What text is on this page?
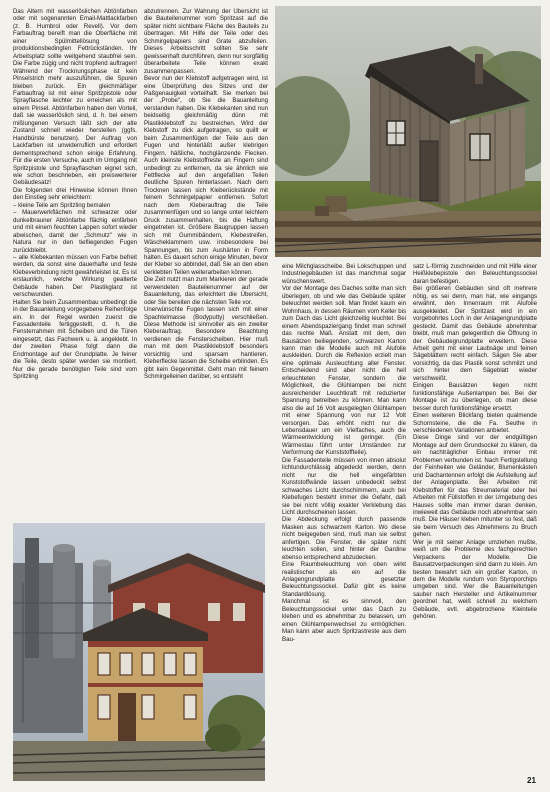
Das Altern mit wasserlöslichen Abtönfarben oder mit sogenannten Email-Mattlackfarben (z. B. Humbrol oder Revell). Vor dem Farbauftrag bereift man die Oberfläche mit einer Spülmittellösung von produktionsbedingten Fettrückständen. Ihr Arbeitsplatz sollte weitgehend staubfrei sein. Die Farbe zügig und nicht tropfend auftragen! Während der Trocknungsphase ist kein Pinselstrich mehr auszuführen, die Spuren bleiben zurück. Ein gleichmäßiger Farbauftrag ist mit einer Spritzpistole oder Sprayflasche leichter zu erreichen als mit einem Pinsel. Abtönfarben haben den Vorteil, daß sie wasserlöslich sind, d. h. bei einem mißlungenen Versuch läßt sich der alte Zustand schnell wieder herstellen (ggfs. Handbürste benutzen). Der Auftrag von Lackfarben ist unwiderruflich und erfordert dementsprechend schon einige Erfahrung. Für die ersten Versuche, auch im Umgang mit Spritzpistole und Sprayflaschen eignet sich, wie schon beschrieben, ein preiswerterer Gebäudesatz!

Die folgenden drei Hinweise können Ihnen den Einstieg sehr erleichtern:

– kleine Teile am Spritzling bemalen

– Mauerwerkflächen mit schwarzer oder dunkelbrauner Abtönfarbe flächig einfärben und mit einem feuchten Lappen sofort wieder abwischen, damit der „Schmutz" wie in Natura nur in den tiefliegenden Fugen zurückbleibt.

– alle Klebekanten müssen von Farbe befreit werden, da sonst eine dauerhafte und feste Klebeverbindung nicht gewährleistet ist. Es ist erstaunlich, welche Wirkung gealterte Gebäude haben. Der Plastikglanz ist verschwunden.

Halten Sie beim Zusammenbau unbedingt die in der Bauanleitung vorgegebene Reihenfolge ein. In der Regel werden zuerst die Fassadenteile fertiggestellt, d. h. die Fensterrahmen mit Scheiben und die Türen eingesetzt, das Fachwerk u. ä. angeklebt. In der zweiten Phase folgt dann die Endmontage auf der Grundplatte. Je feiner die Teile, desto später werden sie montiert. Nur die gerade benötigten Teile sind vom Spritzling

abzutrennen. Zur Wahrung der Übersicht ist die Bauteilenummer vom Spritzast auf die später nicht sichtbare Fläche des Bauteils zu übertragen. Mit Hilfe der Teile oder des Schmirgelpapiers sind Grate abzufeilen. Dieses Arbeitsschritt sollten Sie sehr gewissenhaft durchführen, denn nur sorgfältig überarbeitete Teile können exakt zusammenpassen.

Bevor nun der Klebstoff aufgetragen wird, ist eine Überprüfung des Sitzes und der Paßgenauigkeit vorteilhaft. Sie merken bei der „Probe", ob Sie die Bauanleitung verstanden haben. Die Klebekanten sind nun beidseitig gleichmäßig dünn mit Plastikklebstoff zu bestreichen. Wird der Klebstoff zu dick aufgetragen, so quillt er beim Zusammenfügen der Teile aus den Fugen und hinterläßt außer klebrigen Fingern, häßliche, hochglänzende Flecken. Auch kleinste Klebstoffreste an Fingern sind unbedingt zu entfernen, da sie ähnlich wie Fettflecke auf den angefaßten Teilen deutliche Spuren hinterlassen. Nach dem Trocknen lassen sich Kleberückstände mit feinem Schmirgelpapier entfernen. Sofort nach dem Kleberauftrag die Teile zusammenfügen und so lange unter leichtem Druck zusammenhalten, bis die Haftung eingetreten ist. Größere Baugruppen lassen sich mit Gummibändern, Klebestreifen, Wäscheklammern usw. insbesondere bei Spannungen, bis zum Aushärten in Form halten. Es dauert schon einige Minuten, bevor der Kleber so abbindet, daß Sie an den eben verklebten Teilen weiterarbeiten können.

Die Zeit nutzt man zum Markieren der gerade verwendeten Bauteilenummer auf der Bauanleitung, das erleichtert die Übersicht, oder Sie bereiten die nächsten Teile vor.

Unerwünschte Fugen lassen sich mit einer Spachtelmasse (Bodyputty) verschließen. Diese Methode ist sinnvoller als ein zweiter Kleberauftrag. Besondere Beachtung verdienen die Fensterscheiben. Hier muß man mit dem Plastikklebstoff besonders vorsichtig und sparsam hantieren. Kleberflecke lassen die Scheibe erblinden. Es gibt kein Gegenmittel. Geht man mit feinem Schmirgelleinen darüber, so entsteht

eine Milchglasscheibe. Bei Lokschuppen und Industriegebäuden ist das manchmal sogar wünschenswert.

Vor der Montage des Daches sollte man sich überlegen, ob und wie das Gebäude später beleuchtet werden soll. Man findet kaum ein Wohnhaus, in dessen Räumen vom Keller bis zum Dach das Licht gleichzeitig leuchtet. Bei einem Abendspaziergang findet man schnell das rechte Maß. Anstatt mit dem, den Bausätzen beiliegenden, schwarzen Karton kann man die Modelle auch mit Alufolie auskleiden. Durch die Reflexion erzielt man eine optimale Ausleuchtung aller Fenster. Entscheidend sind aber nicht die hell erleuchteten Fenster, sondern die Möglichkeit, die Glühlampen bei nicht ausreichender Leuchtkraft mit reduzierter Spannung betreiben zu können. Man kann also die auf 16 Volt ausgelegten Glühlampen mit einer Spannung von nur 12 Volt versorgen. Das erhöht nicht nur die Lebensdauer um ein Vielfaches, auch die Wärmeentwicklung ist geringer. (Ein Wärmestau führt unter Umständen zur Verformung der Kunststoffteile).

Die Fassadenteile müssen von innen absolut lichtundurchlässig abgedeckt werden, denn nicht nur die hell eingefärbten Kunststoffwände lassen unbedeckt selbst schwaches Licht durchschimmern, auch bei Klebefugen besteht immer die Gefahr, daß sie bei nicht völlig exakter Verklebung das Licht durchscheinen lassen.

Die Abdeckung erfolgt durch passende Masken aus schwarzem Karton. Wo diese nicht beigegeben sind, muß man sie selbst anfertigen. Die Fenster, die später nicht leuchten sollen, sind hinter der Gardine ebenso entsprechend abzudecken.

Eine Raumbeleuchtung von oben wirkt realistischer als ein auf die Anlagengrundplatte gesetzter Beleuchtungssockel. Dafür gibt es keine Standardlösung.

Manchmal ist es sinnvoll, den Beleuchtungssockel unter das Dach zu kleben und es abnehmbar zu belassen, um einen Glühlampenwechsel zu ermöglichen. Man kann aber auch Spritzastreste aus dem Bau-

satz L-förmig zuschneiden und mit Hilfe einer Heißklebepistole den Beleuchtungssockel daran befestigen.

Bei größeren Gebäuden sind oft mehrere nötig, es sei denn, man hat, wie eingangs erwähnt, den Innenraum mit Alufolie ausgekleidet. Der Spritzast wird in ein vorgebohrtes Loch in der Anlagengrundplatte gesteckt. Damit das Gebäude abnehmbar bleibt, muß man gelegentlich die Öffnung in der Gebäudegrundplatte erweitern. Diese Arbeit geht mit einer Laubsäge und feinen Sägeblättern recht einfach. Sägen Sie aber vorsichtig, da das Plastik sonst schmilzt und sich hinter dem Sägeblatt wieder verschweißt.

Einigen Bausätzen liegen nicht funktionsfähige Außenlampen bei. Bei der Montage ist zu überlegen, ob man diese besser durch funktionsfähige ersetzt.

Einen weiteren Blickfang bieten qualmende Schornsteine, die die Fa. Seuthe in verschiedenen Variationen anbietet.

Diese Dinge sind vor der endgültigen Montage auf dem Grundsockel zu klären, da ein nachträglicher Einbau immer mit Problemen verbunden ist. Nach Fertigstellung der Feinheiten wie Geländer, Blumenkästen und Dachantennen erfolgt die Aufstellung auf der Anlagenplatte. Bei Arbeiten mit Klebstoffen für das Streumaterial oder bei Arbeiten mit Füllstoffen in der Umgebung des Hauses sollte man immer daran denken, inwieweit das Gebäude noch abnehmbar sein muß. Die Häuser kleben mitunter so fest, daß sie beim Versuch des Abnehmens zu Bruch gehen.

Wer je mit seiner Anlage umziehen mußte, weiß um die Probleme des fachgerechten Verpackens der Modelle. Die Bausatzverpackungen sind dann zu klein. Am besten bewahrt sich ein großer Karton, in dem die Modelle rundum von Styroporchips umgeben sind. Wer die Bauanleitungen sauber nach Hersteller und Artikelnummer geordnet hat, weiß schnell zu welchem Gebäude, evtl. abgebrochene Kleinteile gehören.

21
